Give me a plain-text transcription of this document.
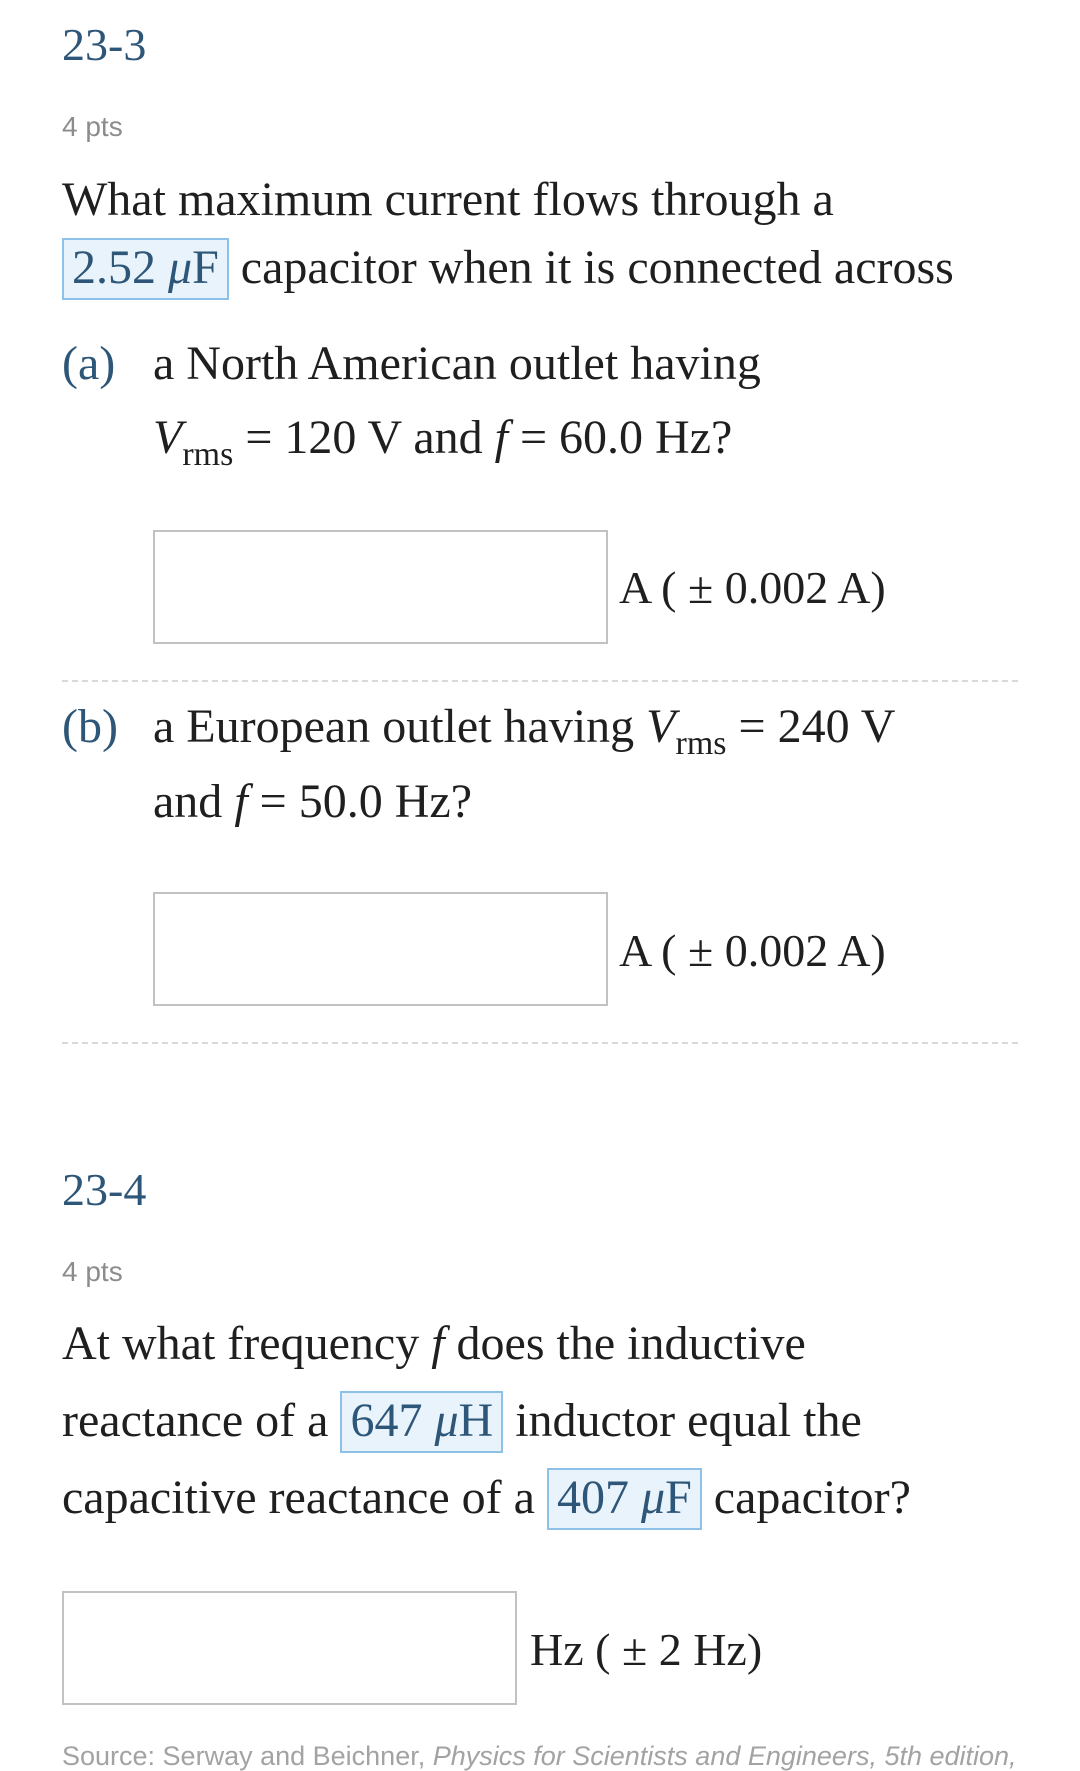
23-3
4 pts
What maximum current flows through a
2.52 μF capacitor when it is connected across
(a) a North American outlet having
$V_{rms} = 120$ V and f = 60.0 Hz?
A ( ± 0.002 A)
(b) a European outlet having $V_{rms} = 240$ V
and f = 50.0 Hz?
A ( ± 0.002 A)
23-4
4 pts
At what frequency f does the inductive
reactance of a 647 μH inductor equal the
capacitive reactance of a 407 μF capacitor?
Hz ( ± 2 Hz)
Source: Serway and Beichner, Physics for Scientists and Engineers, 5th edition,
